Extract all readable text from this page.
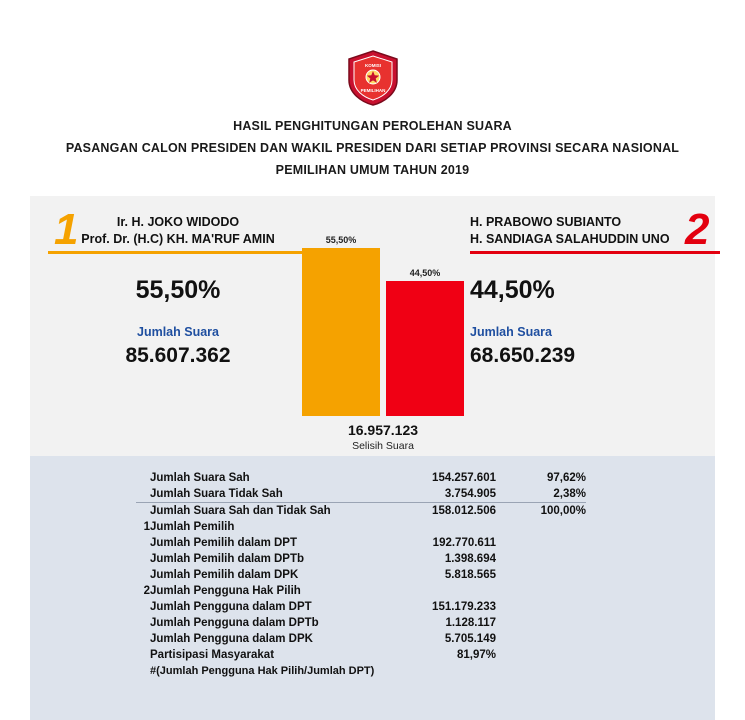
KOMISI
PEMILIHAN
HASIL PENGHITUNGAN PEROLEHAN SUARA
PASANGAN CALON PRESIDEN DAN WAKIL PRESIDEN DARI SETIAP PROVINSI SECARA NASIONAL
PEMILIHAN UMUM TAHUN 2019
1	2
Ir. H. JOKO WIDODO
Prof. Dr. (H.C) KH. MA'RUF AMIN
55,50%
Jumlah Suara
85.607.362
H. PRABOWO SUBIANTO
H. SANDIAGA SALAHUDDIN UNO
44,50%
Jumlah Suara
68.650.239
55,50%
44,50%
16.957.123
Selisih Suara
	Jumlah Suara Sah	154.257.601	97,62%
	Jumlah Suara Tidak Sah	3.754.905	2,38%
	Jumlah Suara Sah dan Tidak Sah	158.012.506	100,00%
1	Jumlah Pemilih		
	Jumlah Pemilih dalam DPT	192.770.611	
	Jumlah Pemilih dalam DPTb	1.398.694	
	Jumlah Pemilih dalam DPK	5.818.565	
2	Jumlah Pengguna Hak Pilih		
	Jumlah Pengguna dalam DPT	151.179.233	
	Jumlah Pengguna dalam DPTb	1.128.117	
	Jumlah Pengguna dalam DPK	5.705.149	
	Partisipasi Masyarakat	81,97%	
	#(Jumlah Pengguna Hak Pilih/Jumlah DPT)		
